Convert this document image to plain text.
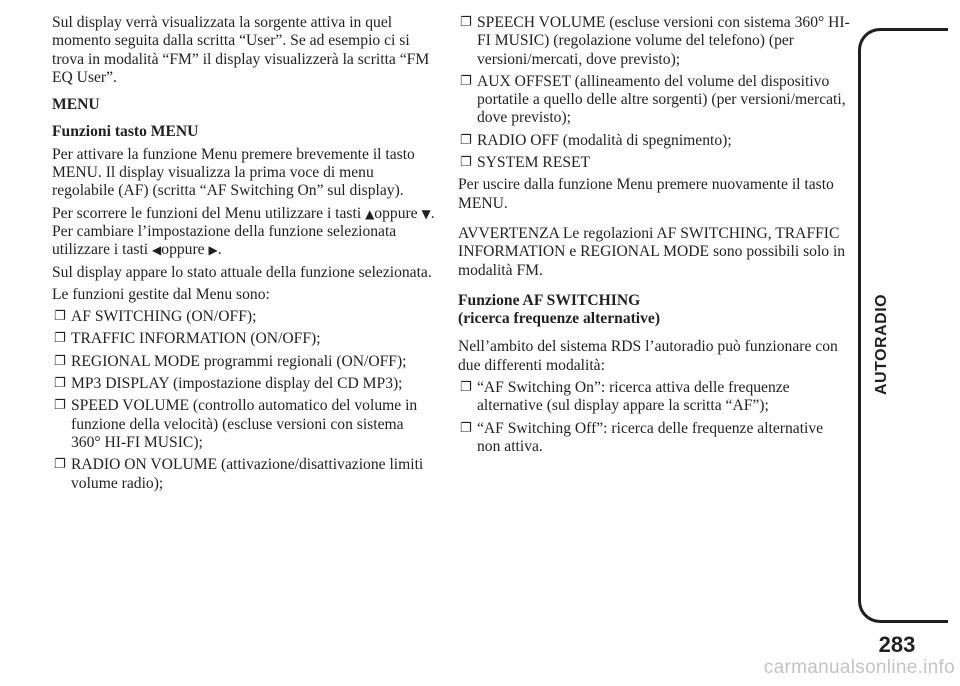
Sul display verrà visualizzata la sorgente attiva in quel momento seguita dalla scritta “User”. Se ad esempio ci si trova in modalità “FM” il display visualizzerà la scritta “FM EQ User”.

MENU

Funzioni tasto MENU

Per attivare la funzione Menu premere brevemente il tasto MENU. Il display visualizza la prima voce di menu regolabile (AF) (scritta “AF Switching On” sul display).

Per scorrere le funzioni del Menu utilizzare i tasti ▲oppure ▼. Per cambiare l’impostazione della funzione selezionata utilizzare i tasti ◀oppure ▶.

Sul display appare lo stato attuale della funzione selezionata.

Le funzioni gestite dal Menu sono:

❐ AF SWITCHING (ON/OFF);
❐ TRAFFIC INFORMATION (ON/OFF);
❐ REGIONAL MODE programmi regionali (ON/OFF);
❐ MP3 DISPLAY (impostazione display del CD MP3);
❐ SPEED VOLUME (controllo automatico del volume in funzione della velocità) (escluse versioni con sistema 360° HI-FI MUSIC);
❐ RADIO ON VOLUME (attivazione/disattivazione limiti volume radio);
❐ SPEECH VOLUME (escluse versioni con sistema 360° HI-FI MUSIC) (regolazione volume del telefono) (per versioni/mercati, dove previsto);
❐ AUX OFFSET (allineamento del volume del dispositivo portatile a quello delle altre sorgenti) (per versioni/mercati, dove previsto);
❐ RADIO OFF (modalità di spegnimento);
❐ SYSTEM RESET

Per uscire dalla funzione Menu premere nuovamente il tasto MENU.

AVVERTENZA Le regolazioni AF SWITCHING, TRAFFIC INFORMATION e REGIONAL MODE sono possibili solo in modalità FM.

Funzione AF SWITCHING
(ricerca frequenze alternative)

Nell’ambito del sistema RDS l’autoradio può funzionare con due differenti modalità:

❐ “AF Switching On”: ricerca attiva delle frequenze alternative (sul display appare la scritta “AF”);
❐ “AF Switching Off”: ricerca delle frequenze alternative non attiva.
AUTORADIO
283
carmanualsonline.info
